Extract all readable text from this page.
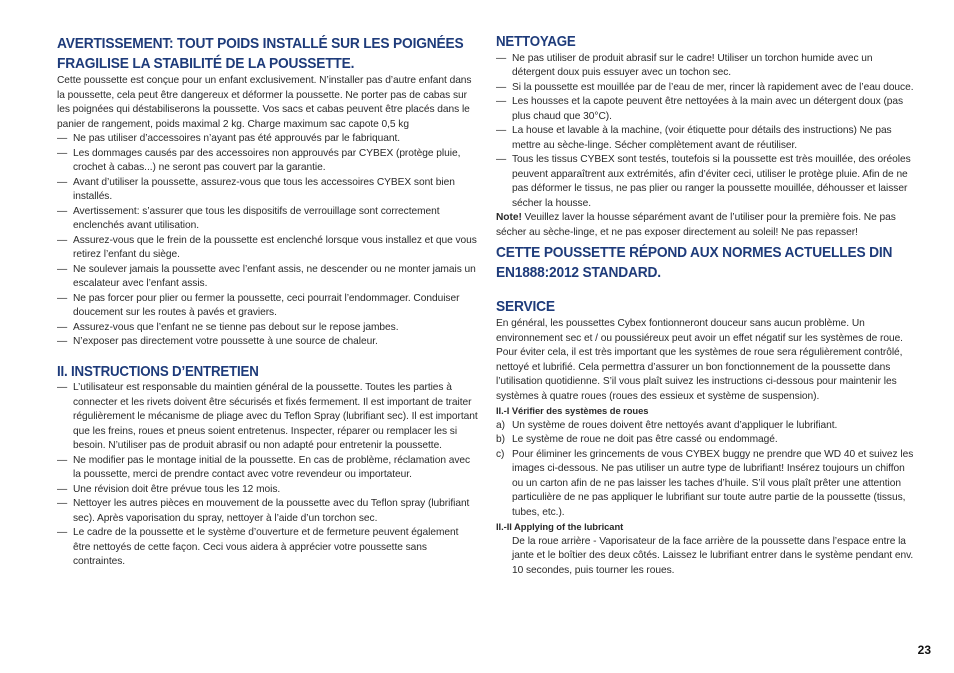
AVERTISSEMENT: TOUT POIDS INSTALLÉ SUR LES POIGNÉES FRAGILISE LA STABILITÉ DE LA POUSSETTE.

Cette poussette est conçue pour un enfant exclusivement. N’installer pas d’autre enfant dans la poussette, cela peut être dangereux et déformer la poussette. Ne porter pas de cabas sur les poignées qui déstabiliserons la poussette. Vos sacs et cabas peuvent être placés dans le panier de rangement, poids maximal 2 kg. Charge maximum sac capote 0,5 kg

— Ne pas utiliser d’accessoires n’ayant pas été approuvés par le fabriquant.
— Les dommages causés par des accessoires non approuvés par CYBEX (protège pluie, crochet à cabas...) ne seront pas couvert par la garantie.
— Avant d’utiliser la poussette, assurez-vous que tous les accessoires CYBEX sont bien installés.
— Avertissement: s’assurer que tous les dispositifs de verrouillage sont correctement enclenchés avant utilisation.
— Assurez-vous que le frein de la poussette est enclenché lorsque vous installez et que vous retirez l’enfant du siège.
— Ne soulever jamais la poussette avec l’enfant assis, ne descender ou ne monter jamais un escalateur avec l’enfant assis.
— Ne pas forcer pour plier ou fermer la poussette, ceci pourrait l’endommager. Conduiser doucement sur les routes à pavés et graviers.
— Assurez-vous que l’enfant ne se tienne pas debout sur le repose jambes.
— N’exposer pas directement votre poussette à une source de chaleur.
II. INSTRUCTIONS D’ENTRETIEN
— L’utilisateur est responsable du maintien général de la poussette. Toutes les parties à connecter et les rivets doivent être sécurisés et fixés fermement. Il est important de traiter régulièrement le mécanisme de pliage avec du Teflon Spray (lubrifiant sec). Il est important que les freins, roues et pneus soient entretenus. Inspecter, réparer ou remplacer les si besoin. N’utiliser pas de produit abrasif ou non adapté pour entretenir la poussette.
— Ne modifier pas le montage initial de la poussette. En cas de problème, réclamation avec la poussette, merci de prendre contact avec votre revendeur ou importateur.
— Une révision doit être prévue tous les 12 mois.
— Nettoyer les autres pièces en mouvement de la poussette avec du Teflon spray (lubrifiant sec). Après vaporisation du spray, nettoyer à l’aide d’un torchon sec.
— Le cadre de la poussette et le système d’ouverture et de fermeture peuvent également être nettoyés de cette façon. Ceci vous aidera à apprécier votre poussette sans contraintes.
NETTOYAGE
— Ne pas utiliser de produit abrasif sur le cadre! Utiliser un torchon humide avec un détergent doux puis essuyer avec un tochon sec.
— Si la poussette est mouillée par de l’eau de mer, rincer là rapidement avec de l’eau douce.
— Les housses et la capote peuvent être nettoyées à la main avec un détergent doux (pas plus chaud que 30°C).
— La house et lavable à la machine, (voir étiquette pour détails des instructions) Ne pas mettre au sèche-linge. Sécher complètement avant de réutiliser.
— Tous les tissus CYBEX sont testés, toutefois si la poussette est très mouillée, des oréoles peuvent apparaîtrent aux extrémités, afin d’éviter ceci, utiliser le protège pluie. Afin de ne pas déformer le tissus, ne pas plier ou ranger la poussette mouillée, déhousser et laisser sécher la housse.

Note! Veuillez laver la housse séparément avant de l’utiliser pour la première fois. Ne pas sécher au sèche-linge, et ne pas exposer directement au soleil! Ne pas repasser!

CETTE POUSSETTE RÉPOND AUX NORMES ACTUELLES DIN EN1888:2012 STANDARD.
SERVICE

En général, les poussettes Cybex fontionneront douceur sans aucun problème. Un environnement sec et / ou poussiéreux peut avoir un effet négatif sur les systèmes de roue. Pour éviter cela, il est très important que les systèmes de roue sera régulièrement contrôlé, nettoyé et lubrifié. Cela permettra d’assurer un bon fonctionnement de la poussette dans l’utilisation quotidienne. S’il vous plaît suivez les instructions ci-dessous pour maintenir les systèmes à quatre roues (roues des essieux et système de suspension).

II.-I Vérifier des systèmes de roues

a) Un système de roues doivent être nettoyés avant d’appliquer le lubrifiant.
b) Le système de roue ne doit pas être cassé ou endommagé.
c) Pour éliminer les grincements de vous CYBEX buggy ne prendre que WD 40 et suivez les images ci-dessous. Ne pas utiliser un autre type de lubrifiant! Insérez toujours un chiffon ou un carton afin de ne pas laisser les taches d’huile. S’il vous plaît prêter une attention particulière de ne pas appliquer le lubrifiant sur toute autre partie de la poussette (tissus, tubes, etc.).

II.-II Applying of the lubricant

De la roue arrière - Vaporisateur de la face arrière de la poussette dans l’espace entre la jante et le boîtier des deux côtés. Laissez le lubrifiant entrer dans le système pendant env. 10 secondes, puis tourner les roues.

23
